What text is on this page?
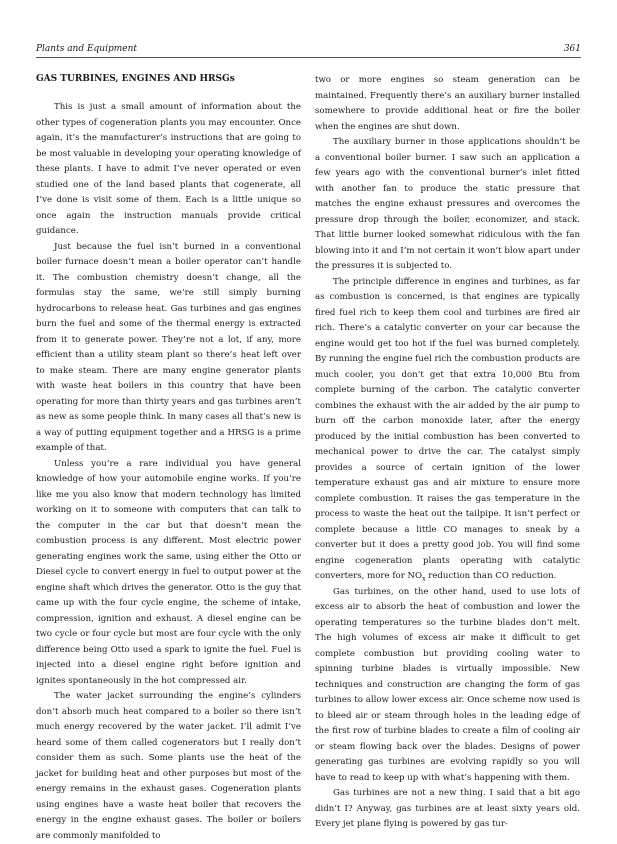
Plants and Equipment	361

GAS TURBINES, ENGINES AND HRSGs

This is just a small amount of information about the other types of cogeneration plants you may encounter. Once again, it’s the manufacturer’s instructions that are going to be most valuable in developing your operating knowledge of these plants. I have to admit I’ve never operated or even studied one of the land based plants that cogenerate, all I’ve done is visit some of them. Each is a little unique so once again the instruction manuals provide critical guidance.

Just because the fuel isn’t burned in a conventional boiler furnace doesn’t mean a boiler operator can’t handle it. The combustion chemistry doesn’t change, all the formulas stay the same, we’re still simply burning hydrocarbons to release heat. Gas turbines and gas engines burn the fuel and some of the thermal energy is extracted from it to generate power. They’re not a lot, if any, more efficient than a utility steam plant so there’s heat left over to make steam. There are many engine generator plants with waste heat boilers in this country that have been operating for more than thirty years and gas turbines aren’t as new as some people think. In many cases all that’s new is a way of putting equipment together and a HRSG is a prime example of that.

Unless you’re a rare individual you have general knowledge of how your automobile engine works. If you’re like me you also know that modern technology has limited working on it to someone with computers that can talk to the computer in the car but that doesn’t mean the combustion process is any different. Most electric power generating engines work the same, using either the Otto or Diesel cycle to convert energy in fuel to output power at the engine shaft which drives the generator. Otto is the guy that came up with the four cycle engine, the scheme of intake, compression, ignition and exhaust. A diesel engine can be two cycle or four cycle but most are four cycle with the only difference being Otto used a spark to ignite the fuel. Fuel is injected into a diesel engine right before ignition and ignites spontaneously in the hot compressed air.

The water jacket surrounding the engine’s cylinders don’t absorb much heat compared to a boiler so there isn’t much energy recovered by the water jacket. I’ll admit I’ve heard some of them called cogenerators but I really don’t consider them as such. Some plants use the heat of the jacket for building heat and other purposes but most of the energy remains in the exhaust gases. Cogeneration plants using engines have a waste heat boiler that recovers the energy in the engine exhaust gases. The boiler or boilers are commonly manifolded to

two or more engines so steam generation can be maintained. Frequently there’s an auxiliary burner installed somewhere to provide additional heat or fire the boiler when the engines are shut down.

The auxiliary burner in those applications shouldn’t be a conventional boiler burner. I saw such an application a few years ago with the conventional burner’s inlet fitted with another fan to produce the static pressure that matches the engine exhaust pressures and overcomes the pressure drop through the boiler, economizer, and stack. That little burner looked somewhat ridiculous with the fan blowing into it and I’m not certain it won’t blow apart under the pressures it is subjected to.

The principle difference in engines and turbines, as far as combustion is concerned, is that engines are typically fired fuel rich to keep them cool and turbines are fired air rich. There’s a catalytic converter on your car because the engine would get too hot if the fuel was burned completely. By running the engine fuel rich the combustion products are much cooler, you don’t get that extra 10,000 Btu from complete burning of the carbon. The catalytic converter combines the exhaust with the air added by the air pump to burn off the carbon monoxide later, after the energy produced by the initial combustion has been converted to mechanical power to drive the car. The catalyst simply provides a source of certain ignition of the lower temperature exhaust gas and air mixture to ensure more complete combustion. It raises the gas temperature in the process to waste the heat out the tailpipe. It isn’t perfect or complete because a little CO manages to sneak by a converter but it does a pretty good job. You will find some engine cogeneration plants operating with catalytic converters, more for $NO_x$ reduction than CO reduction.

Gas turbines, on the other hand, used to use lots of excess air to absorb the heat of combustion and lower the operating temperatures so the turbine blades don’t melt. The high volumes of excess air make it difficult to get complete combustion but providing cooling water to spinning turbine blades is virtually impossible. New techniques and construction are changing the form of gas turbines to allow lower excess air. Once scheme now used is to bleed air or steam through holes in the leading edge of the first row of turbine blades to create a film of cooling air or steam flowing back over the blades. Designs of power generating gas turbines are evolving rapidly so you will have to read to keep up with what’s happening with them.

Gas turbines are not a new thing. I said that a bit ago didn’t I? Anyway, gas turbines are at least sixty years old. Every jet plane flying is powered by gas tur-
